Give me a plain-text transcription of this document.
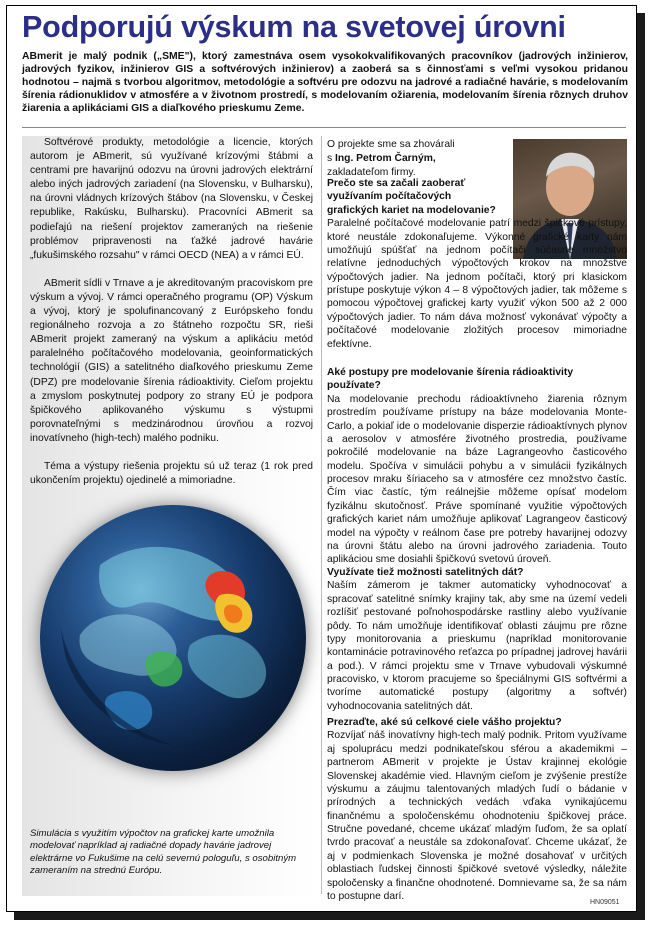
Podporujú výskum na svetovej úrovni

ABmerit je malý podnik („SME"), ktorý zamestnáva osem vysokokvalifikovaných pracovníkov (jadrových inžinierov, jadrových fyzikov, inžinierov GIS a softvérových inžinierov) a zaoberá sa s činnosťami s veľmi vysokou pridanou hodnotou – najmä s tvorbou algoritmov, metodológie a softvéru pre odozvu na jadrové a radiačné havárie, s modelovaním šírenia rádionuklidov v atmosfére a v životnom prostredí, s modelovaním ožiarenia, modelovaním šírenia rôznych druhov žiarenia a aplikáciami GIS a diaľkového prieskumu Zeme.

Softvérové produkty, metodológie a licencie, ktorých autorom je ABmerit, sú využívané krízovými štábmi a centrami pre havarijnú odozvu na úrovni jadrových elektrární alebo iných jadrových zariadení (na Slovensku, v Bulharsku), na úrovni vládnych krízových štábov (na Slovensku, v Českej republike, Rakúsku, Bulharsku). Pracovníci ABmerit sa podieľajú na riešení projektov zameraných na riešenie problémov pripravenosti na ťažké jadrové havárie „fukušimského rozsahu" v rámci OECD (NEA) a v rámci EÚ.

ABmerit sídli v Trnave a je akreditovaným pracoviskom pre výskum a vývoj. V rámci operačného programu (OP) Výskum a vývoj, ktorý je spolufinancovaný z Európskeho fondu regionálneho rozvoja a zo štátneho rozpočtu SR, rieši ABmerit projekt zameraný na výskum a aplikáciu metód paralelného počítačového modelovania, geoinformatických technológií (GIS) a satelitného diaľkového prieskumu Zeme (DPZ) pre modelovanie šírenia rádioaktivity. Cieľom projektu a zmyslom poskytnutej podpory zo strany EÚ je podpora špičkového aplikovaného výskumu s výstupmi porovnateľnými s medzinárodnou úrovňou a rozvoj inovatívneho (high-tech) malého podniku.

Téma a výstupy riešenia projektu sú už teraz (1 rok pred ukončením projektu) ojedinelé a mimoriadne.

Simulácia s využitím výpočtov na grafickej karte umožnila modelovať napríklad aj radiačné dopady havárie jadrovej elektrárne vo Fukušime na celú severnú pologuľu, s osobitným zameraním na strednú Európu.

O projekte sme sa zhovárali
s Ing. Petrom Čarným,
zakladateľom firmy.

Prečo ste sa začali zaoberať využívaním počítačových grafických kariet na modelovanie?

Paralelné počítačové modelovanie patrí medzi špičkové prístupy, ktoré neustále zdokonaľujeme. Výkonné grafické karty nám umožňujú spúšťať na jednom počítači súčasne množstvo relatívne jednoduchých výpočtových krokov na množstve výpočtových jadier. Na jednom počítači, ktorý pri klasickom prístupe poskytuje výkon 4 – 8 výpočtových jadier, tak môžeme s pomocou výpočtovej grafickej karty využiť výkon 500 až 2 000 výpočtových jadier. To nám dáva možnosť vykonávať výpočty a počítačové modelovanie zložitých procesov mimoriadne efektívne.

Aké postupy pre modelovanie šírenia rádioaktivity používate?

Na modelovanie prechodu rádioaktívneho žiarenia rôznym prostredím používame prístupy na báze modelovania Monte-Carlo, a pokiaľ ide o modelovanie disperzie rádioaktívnych plynov a aerosolov v atmosfére životného prostredia, používame pokročilé modelovanie na báze Lagrangeovho časticového modelu. Spočíva v simulácii pohybu a v simulácii fyzikálnych procesov mraku šíriaceho sa v atmosfére cez množstvo častíc. Čím viac častíc, tým reálnejšie môžeme opísať modelom fyzikálnu skutočnosť. Práve spomínané využitie výpočtových grafických kariet nám umožňuje aplikovať Lagrangeov časticový model na výpočty v reálnom čase pre potreby havarijnej odozvy na úrovni štátu alebo na úrovni jadrového zariadenia. Touto aplikáciou sme dosiahli špičkovú svetovú úroveň.

Využívate tiež možnosti satelitných dát?

Naším zámerom je takmer automaticky vyhodnocovať a spracovať satelitné snímky krajiny tak, aby sme na území vedeli rozlíšiť pestované poľnohospodárske rastliny alebo využívanie pôdy. To nám umožňuje identifikovať oblasti záujmu pre rôzne typy monitorovania a prieskumu (napríklad monitorovanie kontaminácie potravinového reťazca po prípadnej jadrovej havárii a pod.). V rámci projektu sme v Trnave vybudovali výskumné pracovisko, v ktorom pracujeme so špeciálnymi GIS softvérmi a tvoríme automatické postupy (algoritmy a softvér) vyhodnocovania satelitných dát.

Prezraďte, aké sú celkové ciele vášho projektu?

Rozvíjať náš inovatívny high-tech malý podnik. Pritom využívame aj spoluprácu medzi podnikateľskou sférou a akademikmi – partnerom ABmerit v projekte je Ústav krajinnej ekológie Slovenskej akadémie vied. Hlavným cieľom je zvýšenie prestíže výskumu a záujmu talentovaných mladých ľudí o bádanie v prírodných a technických vedách vďaka vynikajúcemu finančnému a spoločenskému ohodnoteniu špičkovej práce. Stručne povedané, chceme ukázať mladým ľuďom, že sa oplatí tvrdo pracovať a neustále sa zdokonaľovať. Chceme ukázať, že aj v podmienkach Slovenska je možné dosahovať v určitých oblastiach ľudskej činnosti špičkové svetové výsledky, náležite spoločensky a finančne ohodnotené. Domnievame sa, že sa nám to postupne darí.

HN09051
